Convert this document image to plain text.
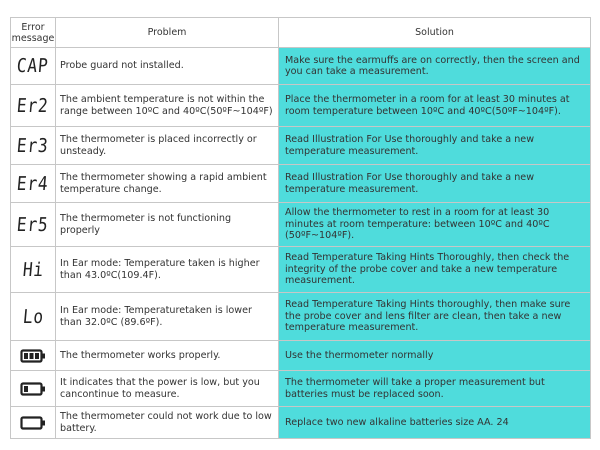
Error message	Problem	Solution
CAP	Probe guard not installed.	Make sure the earmuffs are on correctly, then the screen and you can take a measurement.
Er2	The ambient temperature is not within the range between 10ºC and 40ºC(50ºF~104ºF)	Place the thermometer in a room for at least 30 minutes at room temperature between 10ºC and 40ºC(50ºF~104ºF).
Er3	The thermometer is placed incorrectly or unsteady.	Read Illustration For Use thoroughly and take a new temperature measurement.
Er4	The thermometer showing a rapid ambient temperature change.	Read Illustration For Use thoroughly and take a new temperature measurement.
Er5	The thermometer is not functioning properly	Allow the thermometer to rest in a room for at least 30 minutes at room temperature: between 10ºC and 40ºC (50ºF~104ºF).
Hi	In Ear mode: Temperature taken is higher than 43.0ºC(109.4F).	Read Temperature Taking Hints Thoroughly, then check the integrity of the probe cover and take a new temperature measurement.
Lo	In Ear mode: Temperaturetaken is lower than 32.0ºC (89.6ºF).	Read Temperature Taking Hints thoroughly, then make sure the probe cover and lens filter are clean, then take a new temperature measurement.

	The thermometer works properly.	Use the thermometer normally

	It indicates that the power is low, but you cancontinue to measure.	The thermometer will take a proper measurement but batteries must be replaced soon.

	The thermometer could not work due to low battery.	Replace two new alkaline batteries size AA. 24
